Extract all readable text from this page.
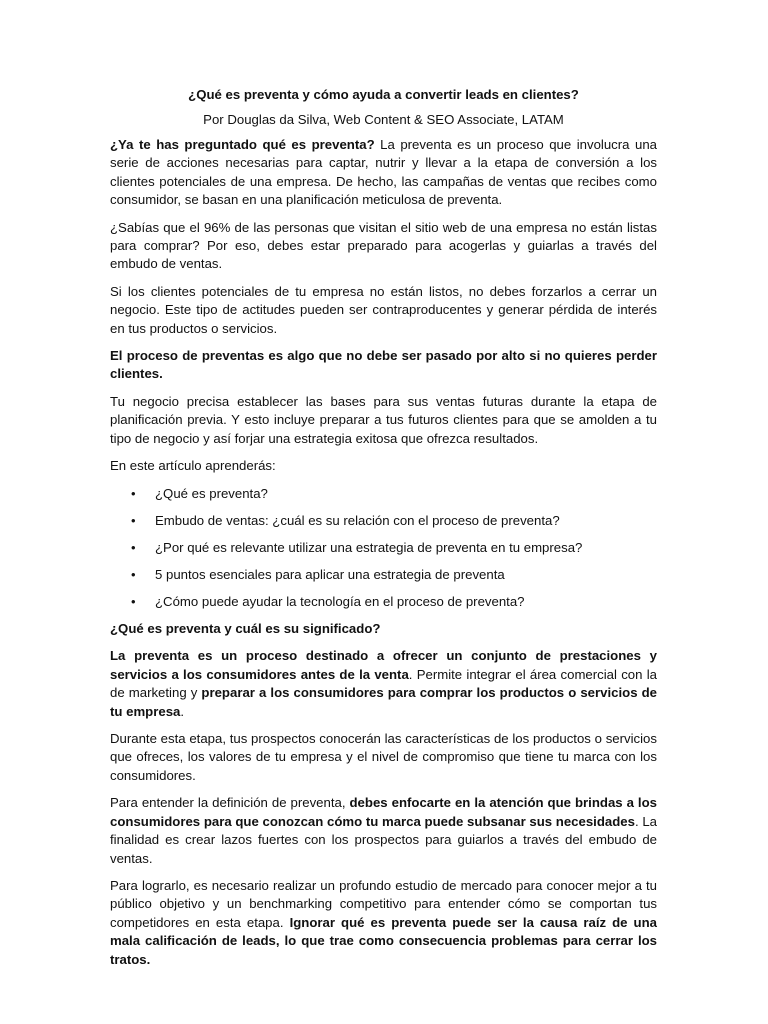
¿Qué es preventa y cómo ayuda a convertir leads en clientes?
Por Douglas da Silva, Web Content & SEO Associate, LATAM

¿Ya te has preguntado qué es preventa? La preventa es un proceso que involucra una serie de acciones necesarias para captar, nutrir y llevar a la etapa de conversión a los clientes potenciales de una empresa. De hecho, las campañas de ventas que recibes como consumidor, se basan en una planificación meticulosa de preventa.

¿Sabías que el 96% de las personas que visitan el sitio web de una empresa no están listas para comprar? Por eso, debes estar preparado para acogerlas y guiarlas a través del embudo de ventas.

Si los clientes potenciales de tu empresa no están listos, no debes forzarlos a cerrar un negocio. Este tipo de actitudes pueden ser contraproducentes y generar pérdida de interés en tus productos o servicios.

El proceso de preventas es algo que no debe ser pasado por alto si no quieres perder clientes.

Tu negocio precisa establecer las bases para sus ventas futuras durante la etapa de planificación previa. Y esto incluye preparar a tus futuros clientes para que se amolden a tu tipo de negocio y así forjar una estrategia exitosa que ofrezca resultados.

En este artículo aprenderás:

• ¿Qué es preventa?
• Embudo de ventas: ¿cuál es su relación con el proceso de preventa?
• ¿Por qué es relevante utilizar una estrategia de preventa en tu empresa?
• 5 puntos esenciales para aplicar una estrategia de preventa
• ¿Cómo puede ayudar la tecnología en el proceso de preventa?
¿Qué es preventa y cuál es su significado?

La preventa es un proceso destinado a ofrecer un conjunto de prestaciones y servicios a los consumidores antes de la venta. Permite integrar el área comercial con la de marketing y preparar a los consumidores para comprar los productos o servicios de tu empresa.

Durante esta etapa, tus prospectos conocerán las características de los productos o servicios que ofreces, los valores de tu empresa y el nivel de compromiso que tiene tu marca con los consumidores.

Para entender la definición de preventa, debes enfocarte en la atención que brindas a los consumidores para que conozcan cómo tu marca puede subsanar sus necesidades. La finalidad es crear lazos fuertes con los prospectos para guiarlos a través del embudo de ventas.

Para lograrlo, es necesario realizar un profundo estudio de mercado para conocer mejor a tu público objetivo y un benchmarking competitivo para entender cómo se comportan tus competidores en esta etapa. Ignorar qué es preventa puede ser la causa raíz de una mala calificación de leads, lo que trae como consecuencia problemas para cerrar los tratos.
